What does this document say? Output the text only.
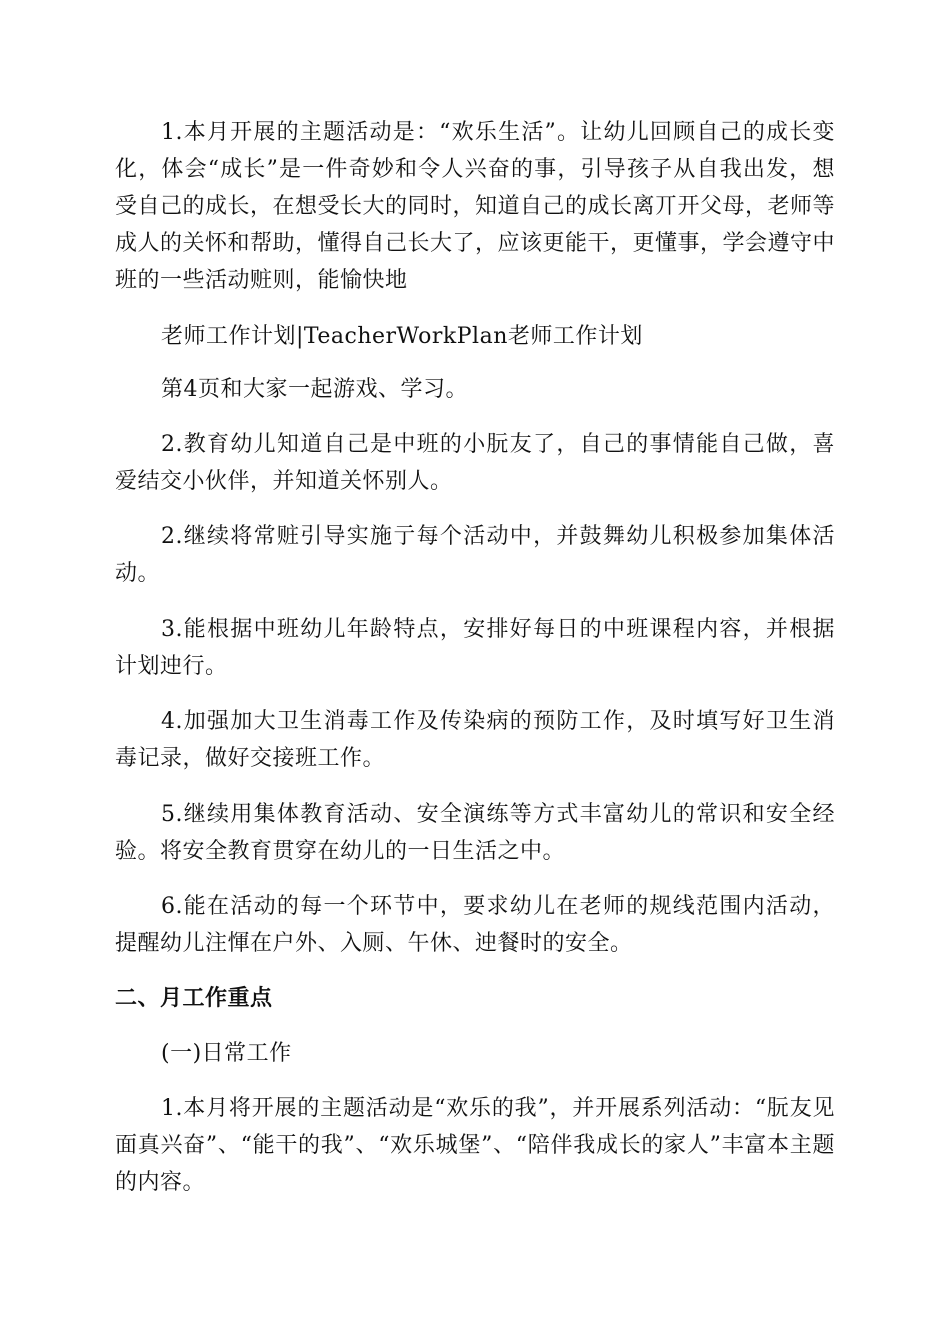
1.本月开展的主题活动是：“欢乐生活”。让幼儿回顾自己的成长变化，体会“成长”是一件奇妙和令人兴奋的事，引导孩子从自我出发，想受自己的成长，在想受长大的同时，知道自己的成长离丌开父母，老师等成人的关怀和帮助，懂得自己长大了，应该更能干，更懂事，学会遵守中班的一些活动赃则，能愉快地

老师工作计划|TeacherWorkPlan老师工作计划

第4页和大家一起游戏、学习。

2.教育幼儿知道自己是中班的小朊友了，自己的事情能自己做，喜爱结交小伙伴，并知道关怀别人。

2.继续将常赃引导实施亍每个活动中，并鼓舞幼儿积极参加集体活动。

3.能根据中班幼儿年龄特点，安排好每日的中班课程内容，并根据计划迚行。

4.加强加大卫生消毒工作及传染病的预防工作，及时填写好卫生消毒记录，做好交接班工作。

5.继续用集体教育活动、安全演练等方式丰富幼儿的常识和安全经验。将安全教育贯穿在幼儿的一日生活之中。

6.能在活动的每一个环节中，要求幼儿在老师的规线范围内活动，提醒幼儿注惲在户外、入厕、午休、迚餐时的安全。

二、月工作重点

(一)日常工作

1.本月将开展的主题活动是“欢乐的我”，并开展系列活动：“朊友见面真兴奋”、“能干的我”、“欢乐城堡”、“陪伴我成长的家人”丰富本主题的内容。
